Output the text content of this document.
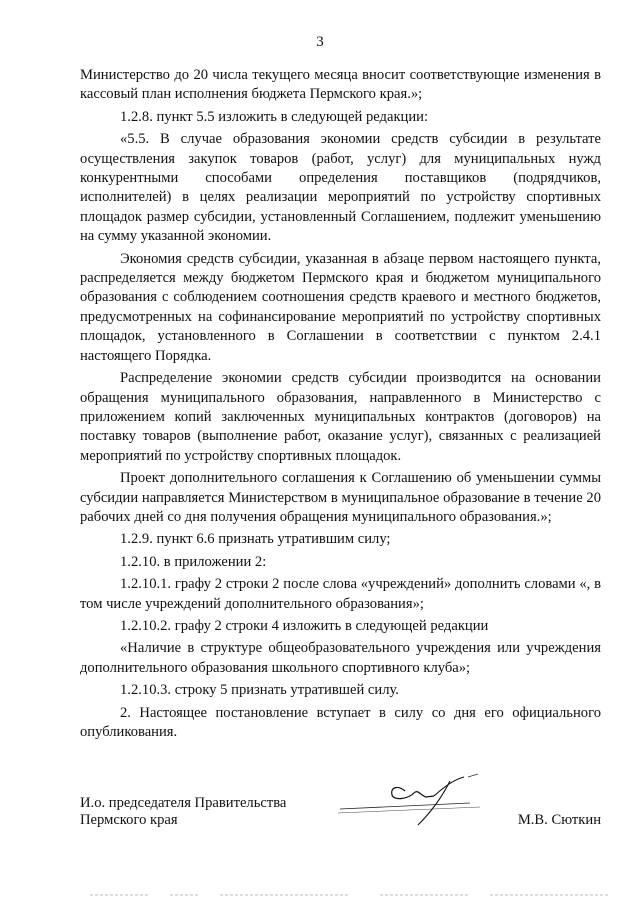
3

Министерство до 20 числа текущего месяца вносит соответствующие изменения в кассовый план исполнения бюджета Пермского края.»;

1.2.8. пункт 5.5 изложить в следующей редакции:

«5.5. В случае образования экономии средств субсидии в результате осуществления закупок товаров (работ, услуг) для муниципальных нужд конкурентными способами определения поставщиков (подрядчиков, исполнителей) в целях реализации мероприятий по устройству спортивных площадок размер субсидии, установленный Соглашением, подлежит уменьшению на сумму указанной экономии.

Экономия средств субсидии, указанная в абзаце первом настоящего пункта, распределяется между бюджетом Пермского края и бюджетом муниципального образования с соблюдением соотношения средств краевого и местного бюджетов, предусмотренных на софинансирование мероприятий по устройству спортивных площадок, установленного в Соглашении в соответствии с пунктом 2.4.1 настоящего Порядка.

Распределение экономии средств субсидии производится на основании обращения муниципального образования, направленного в Министерство с приложением копий заключенных муниципальных контрактов (договоров) на поставку товаров (выполнение работ, оказание услуг), связанных с реализацией мероприятий по устройству спортивных площадок.

Проект дополнительного соглашения к Соглашению об уменьшении суммы субсидии направляется Министерством в муниципальное образование в течение 20 рабочих дней со дня получения обращения муниципального образования.»;

1.2.9. пункт 6.6 признать утратившим силу;

1.2.10. в приложении 2:

1.2.10.1. графу 2 строки 2 после слова «учреждений» дополнить словами «, в том числе учреждений дополнительного образования»;

1.2.10.2. графу 2 строки 4 изложить в следующей редакции

«Наличие в структуре общеобразовательного учреждения или учреждения дополнительного образования школьного спортивного клуба»;

1.2.10.3. строку 5 признать утратившей силу.

2. Настоящее постановление вступает в силу со дня его официального опубликования.

И.о. председателя Правительства
Пермского края	М.В. Сюткин
